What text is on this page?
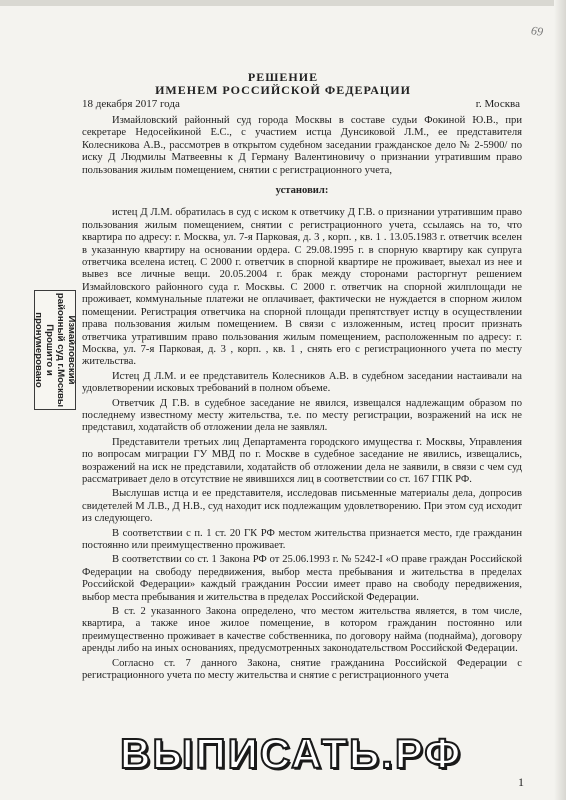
69
РЕШЕНИЕ
ИМЕНЕМ РОССИЙСКОЙ ФЕДЕРАЦИИ
18 декабря 2017 года	г. Москва

Измайловский районный суд города Москвы в составе судьи Фокиной Ю.В., при секретаре Недосейкиной Е.С., с участием истца Дунсиковой Л.М., ее представителя Колесникова А.В., рассмотрев в открытом судебном заседании гражданское дело № 2-5900/ по иску Д Людмилы Матвеевны к Д Герману Валентиновичу о признании утратившим право пользования жилым помещением, снятии с регистрационного учета,

установил:

истец Д Л.М. обратилась в суд с иском к ответчику Д Г.В. о признании утратившим право пользования жилым помещением, снятии с регистрационного учета, ссылаясь на то, что квартира по адресу: г. Москва, ул. 7-я Парковая, д. 3 , корп. , кв. 1 . 13.05.1983 г. ответчик вселен в указанную квартиру на основании ордера. С 29.08.1995 г. в спорную квартиру как супруга ответчика вселена истец. С 2000 г. ответчик в спорной квартире не проживает, выехал из нее и вывез все личные вещи. 20.05.2004 г. брак между сторонами расторгнут решением Измайловского районного суда г. Москвы. С 2000 г. ответчик на спорной жилплощади не проживает, коммунальные платежи не оплачивает, фактически не нуждается в спорном жилом помещении. Регистрация ответчика на спорной площади препятствует истцу в осуществлении права пользования жилым помещением. В связи с изложенным, истец просит признать ответчика утратившим право пользования жилым помещением, расположенным по адресу: г. Москва, ул. 7-я Парковая, д. 3 , корп. , кв. 1 , снять его с регистрационного учета по месту жительства.

Истец Д Л.М. и ее представитель Колесников А.В. в судебном заседании настаивали на удовлетворении исковых требований в полном объеме.

Ответчик Д Г.В. в судебное заседание не явился, извещался надлежащим образом по последнему известному месту жительства, т.е. по месту регистрации, возражений на иск не представил, ходатайств об отложении дела не заявлял.

Представители третьих лиц Департамента городского имущества г. Москвы, Управления по вопросам миграции ГУ МВД по г. Москве в судебное заседание не явились, извещались, возражений на иск не представили, ходатайств об отложении дела не заявили, в связи с чем суд рассматривает дело в отсутствие не явившихся лиц в соответствии со ст. 167 ГПК РФ.

Выслушав истца и ее представителя, исследовав письменные материалы дела, допросив свидетелей М Л.В., Д Н.В., суд находит иск подлежащим удовлетворению. При этом суд исходит из следующего.

В соответствии с п. 1 ст. 20 ГК РФ местом жительства признается место, где гражданин постоянно или преимущественно проживает.

В соответствии со ст. 1 Закона РФ от 25.06.1993 г. № 5242-I «О праве граждан Российской Федерации на свободу передвижения, выбор места пребывания и жительства в пределах Российской Федерации» каждый гражданин России имеет право на свободу передвижения, выбор места пребывания и жительства в пределах Российской Федерации.

В ст. 2 указанного Закона определено, что местом жительства является, в том числе, квартира, а также иное жилое помещение, в котором гражданин постоянно или преимущественно проживает в качестве собственника, по договору найма (поднайма), договору аренды либо на иных основаниях, предусмотренных законодательством Российской Федерации.

Согласно ст. 7 данного Закона, снятие гражданина Российской Федерации с регистрационного учета по месту жительства и снятие с регистрационного учета

Измайловский
районный суд г.Москвы
Прошито и
пронумеровано
ВЫПИСАТЬ.РФ
1
